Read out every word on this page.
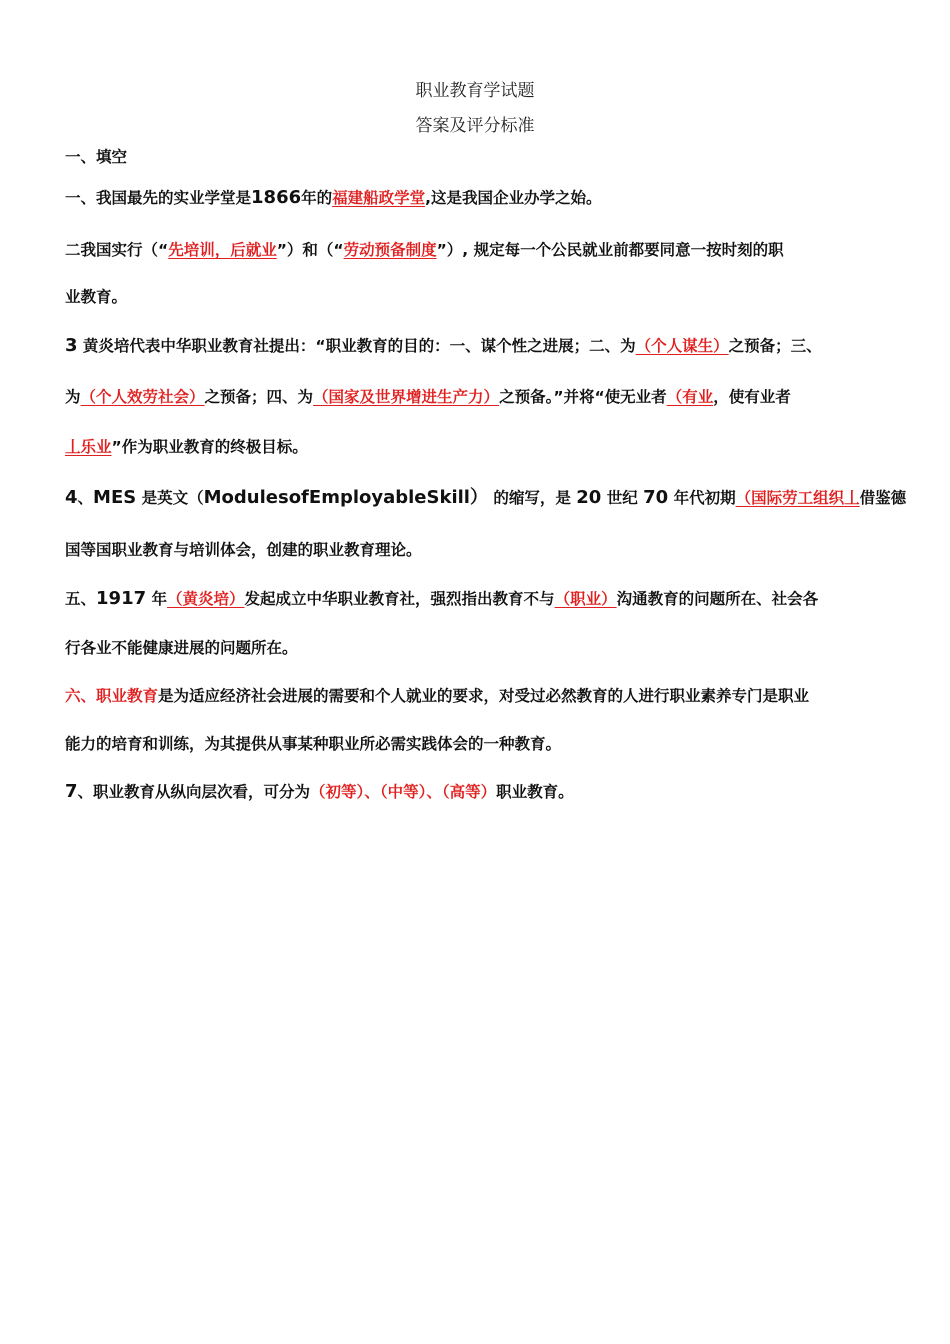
职业教育学试题
答案及评分标准
一、填空
一、我国最先的实业学堂是1866年的福建船政学堂,这是我国企业办学之始。
二我国实行（“先培训，后就业”）和（“劳动预备制度”）, 规定每一个公民就业前都要同意一按时刻的职
业教育。
3 黄炎培代表中华职业教育社提出：“职业教育的目的：一、谋个性之进展；二、为（个人谋生）之预备；三、
为（个人效劳社会）之预备；四、为（国家及世界增进生产力）之预备。”并将“使无业者（有业，使有业者
丄乐业”作为职业教育的终极目标。
4、MES 是英文（ModulesofEmployableSkill） 的缩写，是 20 世纪 70 年代初期（国际劳工组织丄借鉴德
国等国职业教育与培训体会，创建的职业教育理论。
五、1917 年（黄炎培）发起成立中华职业教育社，强烈指出教育不与（职业）沟通教育的问题所在、社会各
行各业不能健康进展的问题所在。
六、职业教育是为适应经济社会进展的需要和个人就业的要求，对受过必然教育的人进行职业素养专门是职业
能力的培育和训练，为其提供从事某种职业所必需实践体会的一种教育。
7、职业教育从纵向层次看，可分为（初等）、（中等）、（高等）职业教育。
